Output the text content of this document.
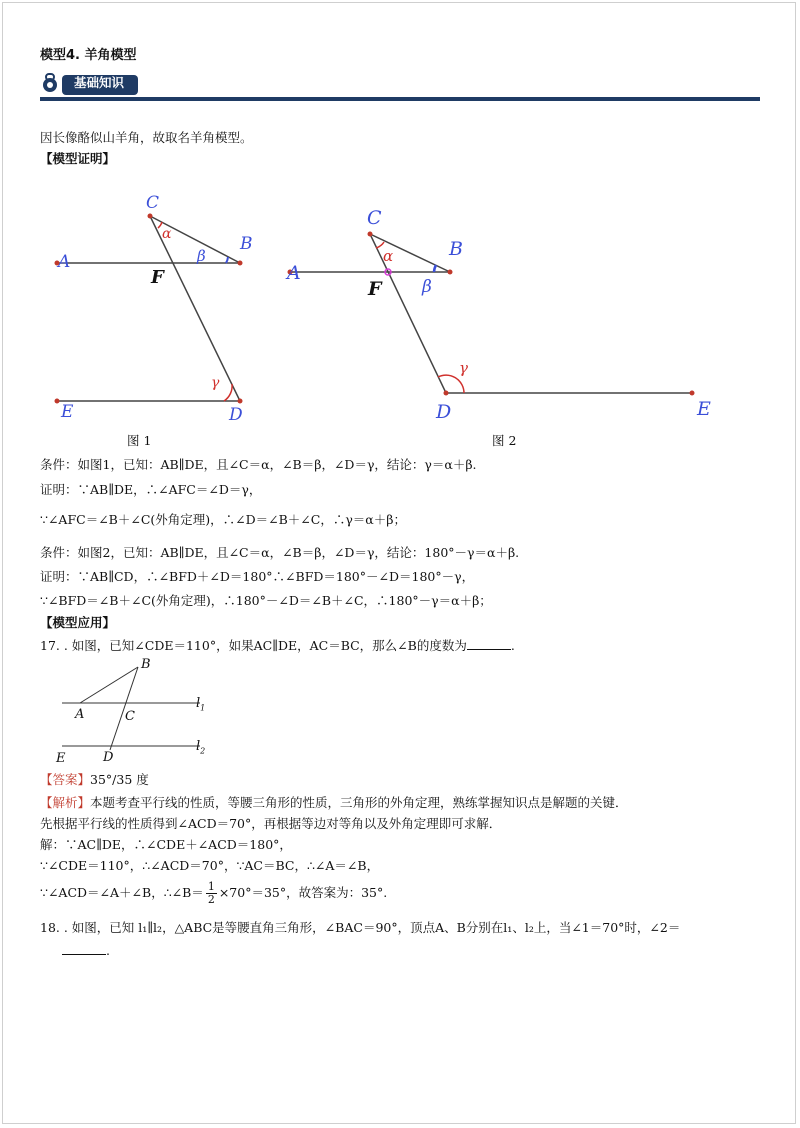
模型4. 羊角模型
基础知识
因长像酪似山羊角，故取名羊角模型。
【模型证明】
C
α	B
β
A
F
γ
E	D
图 1
C
α	B
A
β
F
γ
D	E
图 2
条件：如图1，已知：AB∥DE，且∠C＝α，∠B＝β，∠D＝γ，结论：γ＝α＋β.
证明：∵AB∥DE，∴∠AFC＝∠D＝γ，
∵∠AFC＝∠B＋∠C(外角定理)，∴∠D＝∠B＋∠C，∴γ＝α＋β；
条件：如图2，已知：AB∥DE，且∠C＝α，∠B＝β，∠D＝γ，结论：180°－γ＝α＋β.
证明：∵AB∥CD，∴∠BFD＋∠D＝180°∴∠BFD＝180°－∠D＝180°－γ，
∵∠BFD＝∠B＋∠C(外角定理)，∴180°－∠D＝∠B＋∠C，∴180°－γ＝α＋β；
【模型应用】
17. . 如图，已知∠CDE＝110°，如果AC∥DE，AC＝BC，那么∠B的度数为	.
B
A	C
$l_1$
$l_2$
E	D
【答案】35°/35 度
【解析】本题考查平行线的性质，等腰三角形的性质，三角形的外角定理，熟练掌握知识点是解题的关键．
先根据平行线的性质得到∠ACD＝70°，再根据等边对等角以及外角定理即可求解．
解：∵AC∥DE，∴∠CDE＋∠ACD＝180°，
∵∠CDE＝110°，∴∠ACD＝70°，∵AC＝BC，∴∠A＝∠B，
∵∠ACD＝∠A＋∠B，∴∠B＝ $\frac{1}{2} \times 70^\circ=35^\circ$，故答案为：35°.
18. . 如图，已知 l₁∥l₂，△ABC是等腰直角三角形，∠BAC＝90°，顶点A、B分别在l₁、l₂上，当∠1＝70°时，∠2＝
.
